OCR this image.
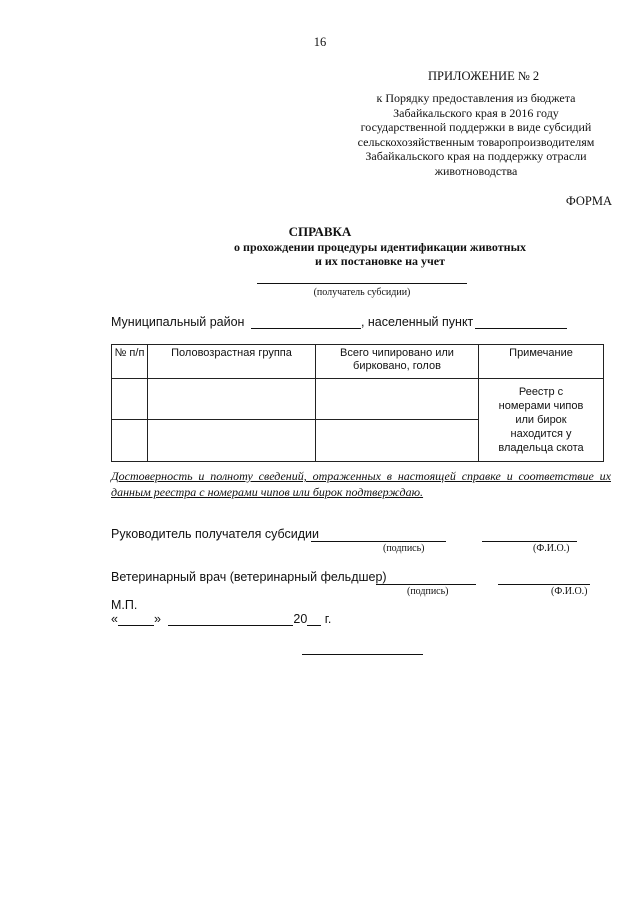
16
ПРИЛОЖЕНИЕ № 2
к Порядку предоставления из бюджета
Забайкальского края в 2016 году
государственной поддержки в виде субсидий
сельскохозяйственным товаропроизводителям
Забайкальского края на поддержку отрасли
животноводства
ФОРМА
СПРАВКА
о прохождении процедуры идентификации животных
и их постановке на учет
(получатель субсидии)
Муниципальный район	, населенный пункт
№ п/п	Половозрастная группа	Всего чипировано или бирковано, голов	Примечание
			Реестр с номерами чипов или бирок находится у владельца скота

Достоверность и полноту сведений, отраженных в настоящей справке и соответствие их данным реестра с номерами чипов или бирок подтверждаю.
Руководитель получателя субсидии
(подпись)	(Ф.И.О.)
Ветеринарный врач (ветеринарный фельдшер)
(подпись)	(Ф.И.О.)
М.П.
«	»	20 г.
